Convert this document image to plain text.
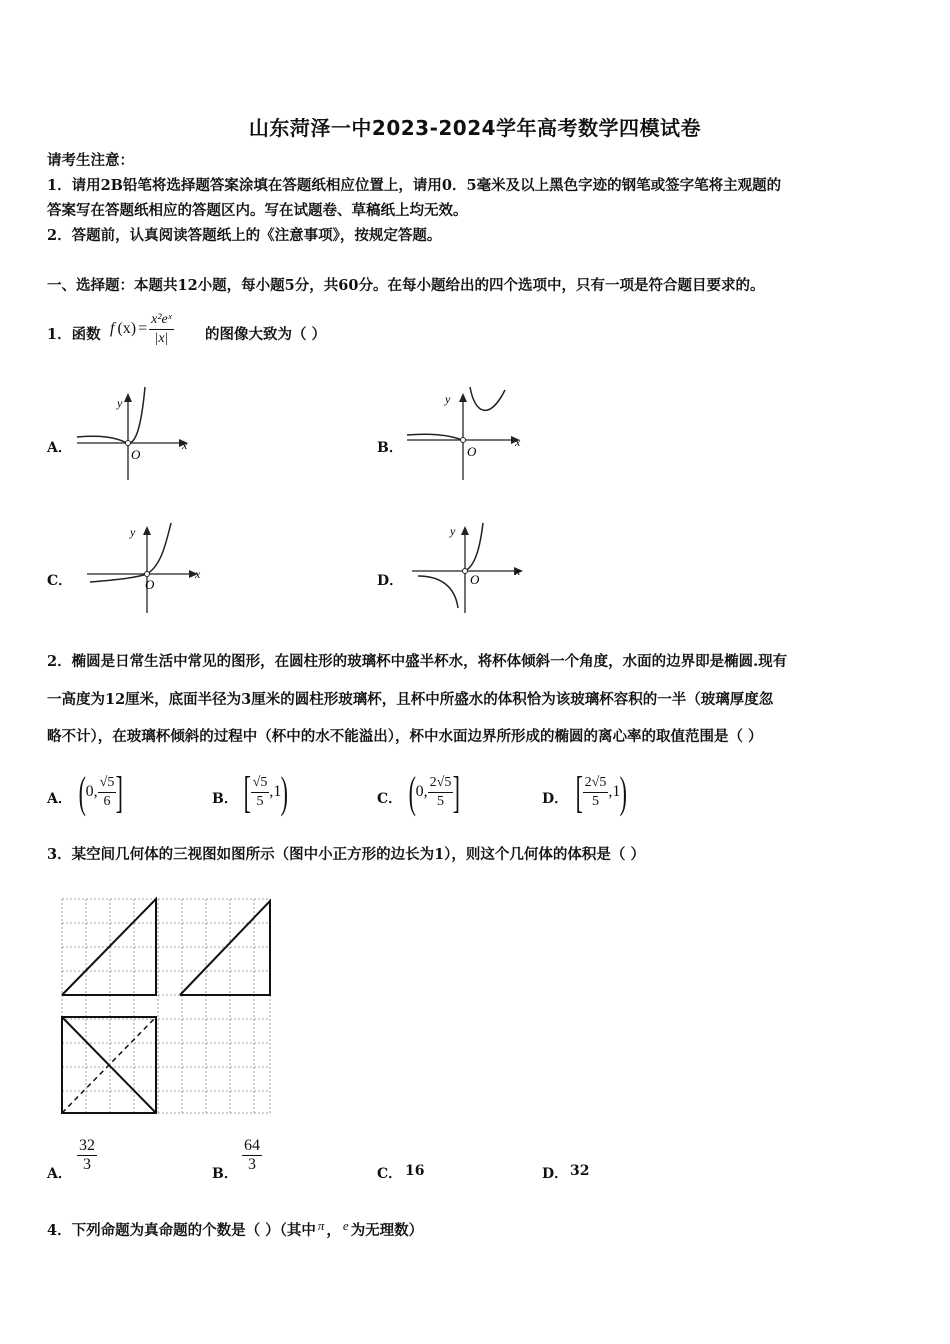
山东菏泽一中2023-2024学年高考数学四模试卷
请考生注意：
1．请用2B铅笔将选择题答案涂填在答题纸相应位置上，请用0．5毫米及以上黑色字迹的钢笔或签字笔将主观题的
答案写在答题纸相应的答题区内。写在试题卷、草稿纸上均无效。
2．答题前，认真阅读答题纸上的《注意事项》，按规定答题。
一、选择题：本题共12小题，每小题5分，共60分。在每小题给出的四个选项中，只有一项是符合题目要求的。
1．函数 f $(x) = \frac{\text{x²eˣ}}{|x|}$ 的图像大致为（ ）
A．	B．
C．	D．
y
x
O
y
x
O
y
x
O
y
x
O
2．椭圆是日常生活中常见的图形，在圆柱形的玻璃杯中盛半杯水，将杯体倾斜一个角度，水面的边界即是椭圆.现有
一高度为12厘米，底面半径为3厘米的圆柱形玻璃杯，且杯中所盛水的体积恰为该玻璃杯容积的一半（玻璃厚度忽
略不计），在玻璃杯倾斜的过程中（杯中的水不能溢出），杯中水面边界所形成的椭圆的离心率的取值范围是（ ）
A． ( 0, $\frac{√5}{6}$ ]	B． [ $\frac{√5}{5} ,1$ )	C． ( 0, $\frac{2√5}{5}$ ]	D． [ $\frac{2√5}{5} ,1$ )
3．某空间几何体的三视图如图所示（图中小正方形的边长为1），则这个几何体的体积是（ ）
A． $\frac{32}{3}$	B． $\frac{64}{3}$	C． 16	D． 32
4．下列命题为真命题的个数是（ ）（其中 π ， e 为无理数）
